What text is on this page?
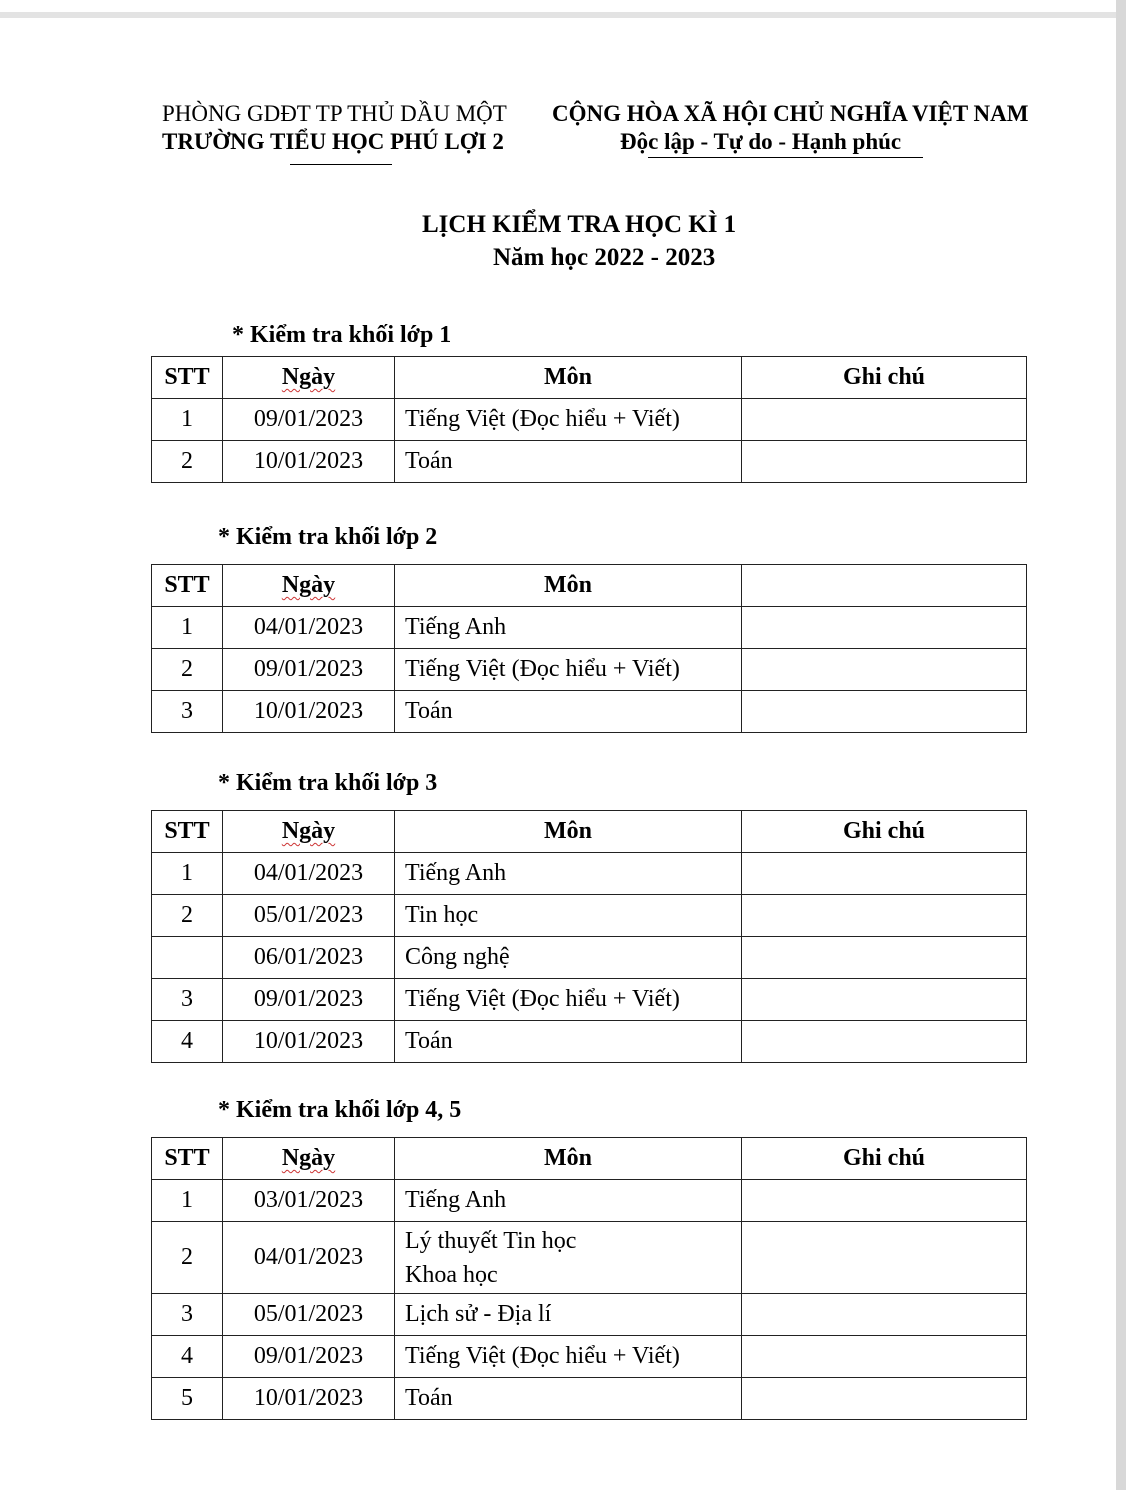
PHÒNG GDĐT TP THỦ DẦU MỘT
TRƯỜNG TIỂU HỌC PHÚ LỢI 2
CỘNG HÒA XÃ HỘI CHỦ NGHĨA VIỆT NAM
Độc lập - Tự do - Hạnh phúc
LỊCH KIỂM TRA HỌC KÌ 1
Năm học 2022 - 2023
* Kiểm tra khối lớp 1
STT	Ngày	Môn	Ghi chú
1	09/01/2023	Tiếng Việt (Đọc hiểu + Viết)	
2	10/01/2023	Toán	
* Kiểm tra khối lớp 2
STT	Ngày	Môn	
1	04/01/2023	Tiếng Anh	
2	09/01/2023	Tiếng Việt (Đọc hiểu + Viết)	
3	10/01/2023	Toán	
* Kiểm tra khối lớp 3
STT	Ngày	Môn	Ghi chú
1	04/01/2023	Tiếng Anh	
2	05/01/2023	Tin học	
	06/01/2023	Công nghệ	
3	09/01/2023	Tiếng Việt (Đọc hiểu + Viết)	
4	10/01/2023	Toán	
* Kiểm tra khối lớp 4, 5
STT	Ngày	Môn	Ghi chú
1	03/01/2023	Tiếng Anh	
2	04/01/2023	Lý thuyết Tin học
Khoa học	

3	05/01/2023	Lịch sử - Địa lí	
4	09/01/2023	Tiếng Việt (Đọc hiểu + Viết)	
5	10/01/2023	Toán	
